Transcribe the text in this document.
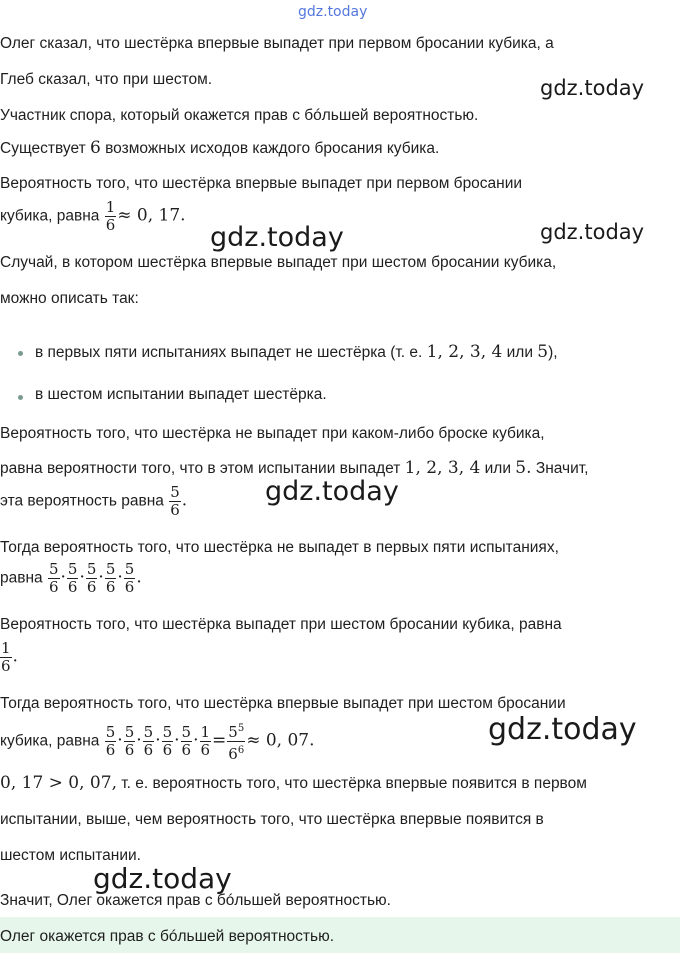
gdz.today
gdz.today
gdz.today	gdz.today
gdz.today
gdz.today
gdz.today
Олег сказал, что шестёрка впервые выпадет при первом бросании кубика, а
Глеб сказал, что при шестом.
Участник спора, который окажется прав с бóльшей вероятностью.
Существует 6 возможных исходов каждого бросания кубика.
Вероятность того, что шестёрка впервые выпадет при первом бросании
кубика, равна $\frac{1}{6} \approx 0$, 17.
Случай, в котором шестёрка впервые выпадет при шестом бросании кубика,
можно описать так:
в первых пяти испытаниях выпадет не шестёрка (т. е. 1, 2, 3, 4 или 5),
в шестом испытании выпадет шестёрка.
Вероятность того, что шестёрка не выпадет при каком-либо броске кубика,
равна вероятности того, что в этом испытании выпадет 1, 2, 3, 4 или 5. Значит,
эта вероятность равна $\frac{5}{6}$ .
Тогда вероятность того, что шестёрка не выпадет в первых пяти испытаниях,
равна $\frac{5}{6} \cdot \frac{5}{6} \cdot \frac{5}{6} \cdot \frac{5}{6} \cdot \frac{5}{6}$ .
Вероятность того, что шестёрка выпадет при шестом бросании кубика, равна
$\frac{1}{6}$ .
Тогда вероятность того, что шестёрка впервые выпадет при шестом бросании
кубика, равна $\frac{5}{6} \cdot \frac{5}{6} \cdot \frac{5}{6} \cdot \frac{5}{6} \cdot \frac{5}{6} \cdot \frac{1}{6} = \frac{5^5}{6^6} \approx 0$, 07.
0, 17 > 0, 07, т. е. вероятность того, что шестёрка впервые появится в первом
испытании, выше, чем вероятность того, что шестёрка впервые появится в
шестом испытании.
Значит, Олег окажется прав с бóльшей вероятностью.
Олег окажется прав с бóльшей вероятностью.
